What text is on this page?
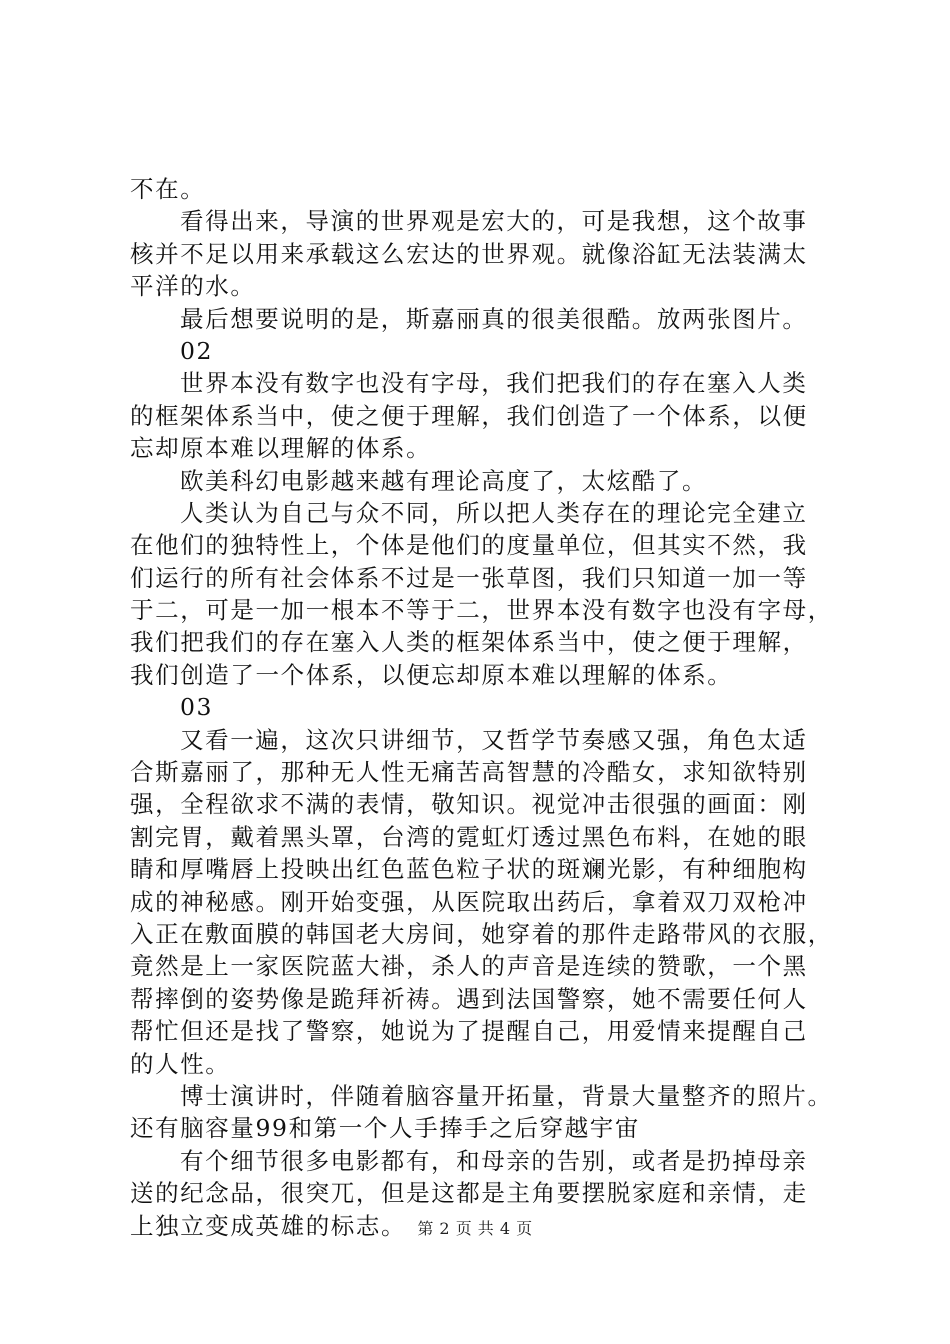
不在。
看得出来，导演的世界观是宏大的，可是我想，这个故事
核并不足以用来承载这么宏达的世界观。就像浴缸无法装满太
平洋的水。
最后想要说明的是，斯嘉丽真的很美很酷。放两张图片。
02
世界本没有数字也没有字母，我们把我们的存在塞入人类
的框架体系当中，使之便于理解，我们创造了一个体系，以便
忘却原本难以理解的体系。
欧美科幻电影越来越有理论高度了，太炫酷了。
人类认为自己与众不同，所以把人类存在的理论完全建立
在他们的独特性上，个体是他们的度量单位，但其实不然，我
们运行的所有社会体系不过是一张草图，我们只知道一加一等
于二，可是一加一根本不等于二，世界本没有数字也没有字母，
我们把我们的存在塞入人类的框架体系当中，使之便于理解，
我们创造了一个体系，以便忘却原本难以理解的体系。
03
又看一遍，这次只讲细节，又哲学节奏感又强，角色太适
合斯嘉丽了，那种无人性无痛苦高智慧的冷酷女，求知欲特别
强，全程欲求不满的表情，敬知识。视觉冲击很强的画面：刚
割完胃，戴着黑头罩，台湾的霓虹灯透过黑色布料，在她的眼
睛和厚嘴唇上投映出红色蓝色粒子状的斑斓光影，有种细胞构
成的神秘感。刚开始变强，从医院取出药后，拿着双刀双枪冲
入正在敷面膜的韩国老大房间，她穿着的那件走路带风的衣服，
竟然是上一家医院蓝大褂，杀人的声音是连续的赞歌，一个黑
帮摔倒的姿势像是跪拜祈祷。遇到法国警察，她不需要任何人
帮忙但还是找了警察，她说为了提醒自己，用爱情来提醒自己
的人性。
博士演讲时，伴随着脑容量开拓量，背景大量整齐的照片。
还有脑容量99和第一个人手捧手之后穿越宇宙
有个细节很多电影都有，和母亲的告别，或者是扔掉母亲
送的纪念品，很突兀，但是这都是主角要摆脱家庭和亲情，走
上独立变成英雄的标志。 第 2 页 共 4 页
